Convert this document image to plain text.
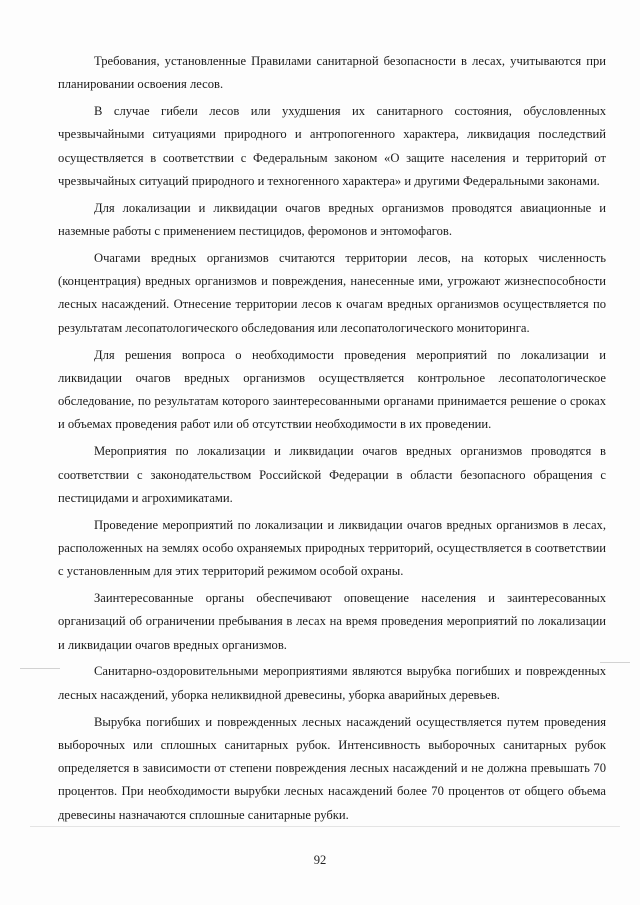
Требования, установленные Правилами санитарной безопасности в лесах, учитываются при планировании освоения лесов.

В случае гибели лесов или ухудшения их санитарного состояния, обусловленных чрезвычайными ситуациями природного и антропогенного характера, ликвидация последствий осуществляется в соответствии с Федеральным законом «О защите населения и территорий от чрезвычайных ситуаций природного и техногенного характера» и другими Федеральными законами.

Для локализации и ликвидации очагов вредных организмов проводятся авиационные и наземные работы с применением пестицидов, феромонов и энтомофагов.

Очагами вредных организмов считаются территории лесов, на которых численность (концентрация) вредных организмов и повреждения, нанесенные ими, угрожают жизнеспособности лесных насаждений. Отнесение территории лесов к очагам вредных организмов осуществляется по результатам лесопатологического обследования или лесопатологического мониторинга.

Для решения вопроса о необходимости проведения мероприятий по локализации и ликвидации очагов вредных организмов осуществляется контрольное лесопатологическое обследование, по результатам которого заинтересованными органами принимается решение о сроках и объемах проведения работ или об отсутствии необходимости в их проведении.

Мероприятия по локализации и ликвидации очагов вредных организмов проводятся в соответствии с законодательством Российской Федерации в области безопасного обращения с пестицидами и агрохимикатами.

Проведение мероприятий по локализации и ликвидации очагов вредных организмов в лесах, расположенных на землях особо охраняемых природных территорий, осуществляется в соответствии с установленным для этих территорий режимом особой охраны.

Заинтересованные органы обеспечивают оповещение населения и заинтересованных организаций об ограничении пребывания в лесах на время проведения мероприятий по локализации и ликвидации очагов вредных организмов.

Санитарно-оздоровительными мероприятиями являются вырубка погибших и поврежденных лесных насаждений, уборка неликвидной древесины, уборка аварийных деревьев.

Вырубка погибших и поврежденных лесных насаждений осуществляется путем проведения выборочных или сплошных санитарных рубок. Интенсивность выборочных санитарных рубок определяется в зависимости от степени повреждения лесных насаждений и не должна превышать 70 процентов. При необходимости вырубки лесных насаждений более 70 процентов от общего объема древесины назначаются сплошные санитарные рубки.

92
